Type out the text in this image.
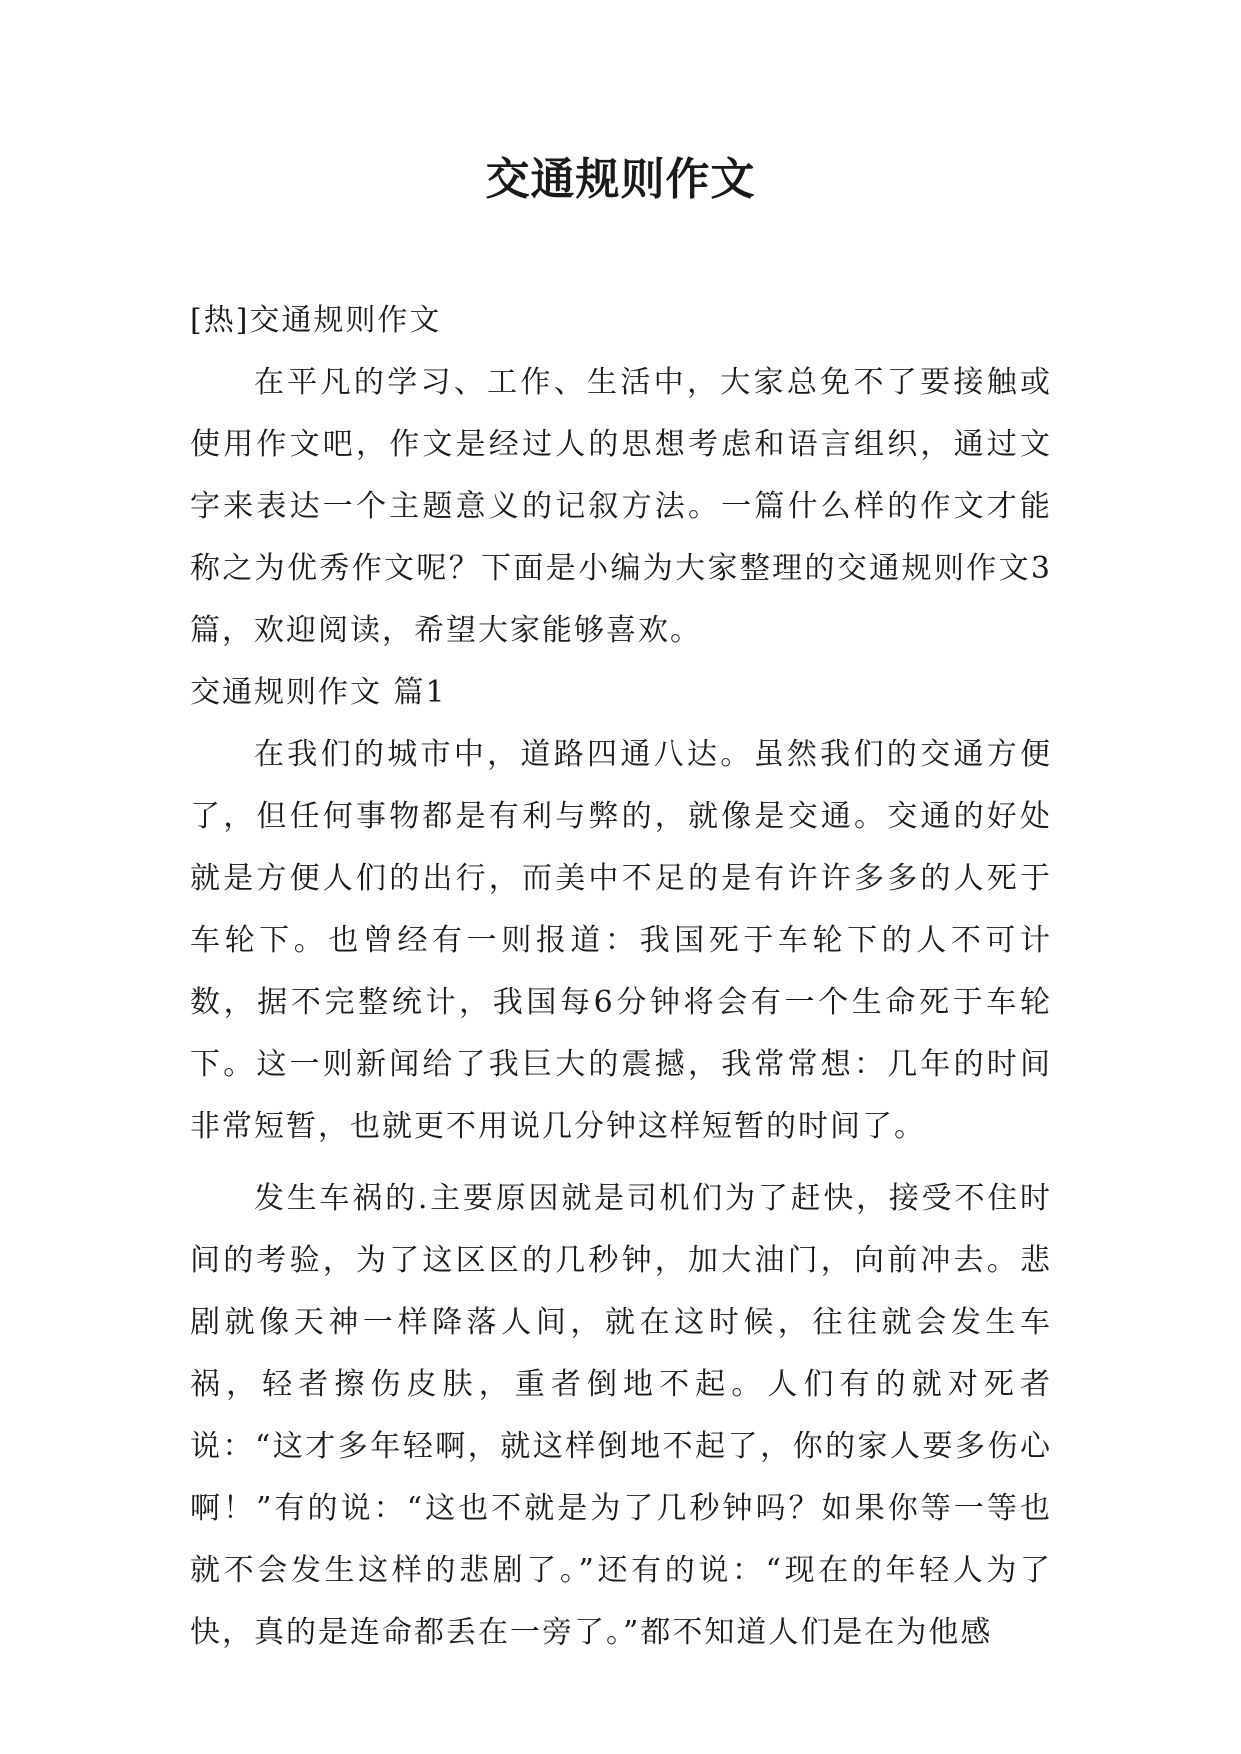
交通规则作文

[热]交通规则作文

在平凡的学习、工作、生活中，大家总免不了要接触或使用作文吧，作文是经过人的思想考虑和语言组织，通过文字来表达一个主题意义的记叙方法。一篇什么样的作文才能称之为优秀作文呢？下面是小编为大家整理的交通规则作文3篇，欢迎阅读，希望大家能够喜欢。

交通规则作文 篇1

在我们的城市中，道路四通八达。虽然我们的交通方便了，但任何事物都是有利与弊的，就像是交通。交通的好处就是方便人们的出行，而美中不足的是有许许多多的人死于车轮下。也曾经有一则报道：我国死于车轮下的人不可计数，据不完整统计，我国每6分钟将会有一个生命死于车轮下。这一则新闻给了我巨大的震撼，我常常想：几年的时间非常短暂，也就更不用说几分钟这样短暂的时间了。

发生车祸的.主要原因就是司机们为了赶快，接受不住时间的考验，为了这区区的几秒钟，加大油门，向前冲去。悲剧就像天神一样降落人间，就在这时候，往往就会发生车祸，轻者擦伤皮肤，重者倒地不起。人们有的就对死者说：“这才多年轻啊，就这样倒地不起了，你的家人要多伤心啊！”有的说：“这也不就是为了几秒钟吗？如果你等一等也就不会发生这样的悲剧了。”还有的说：“现在的年轻人为了快，真的是连命都丢在一旁了。”都不知道人们是在为他感
